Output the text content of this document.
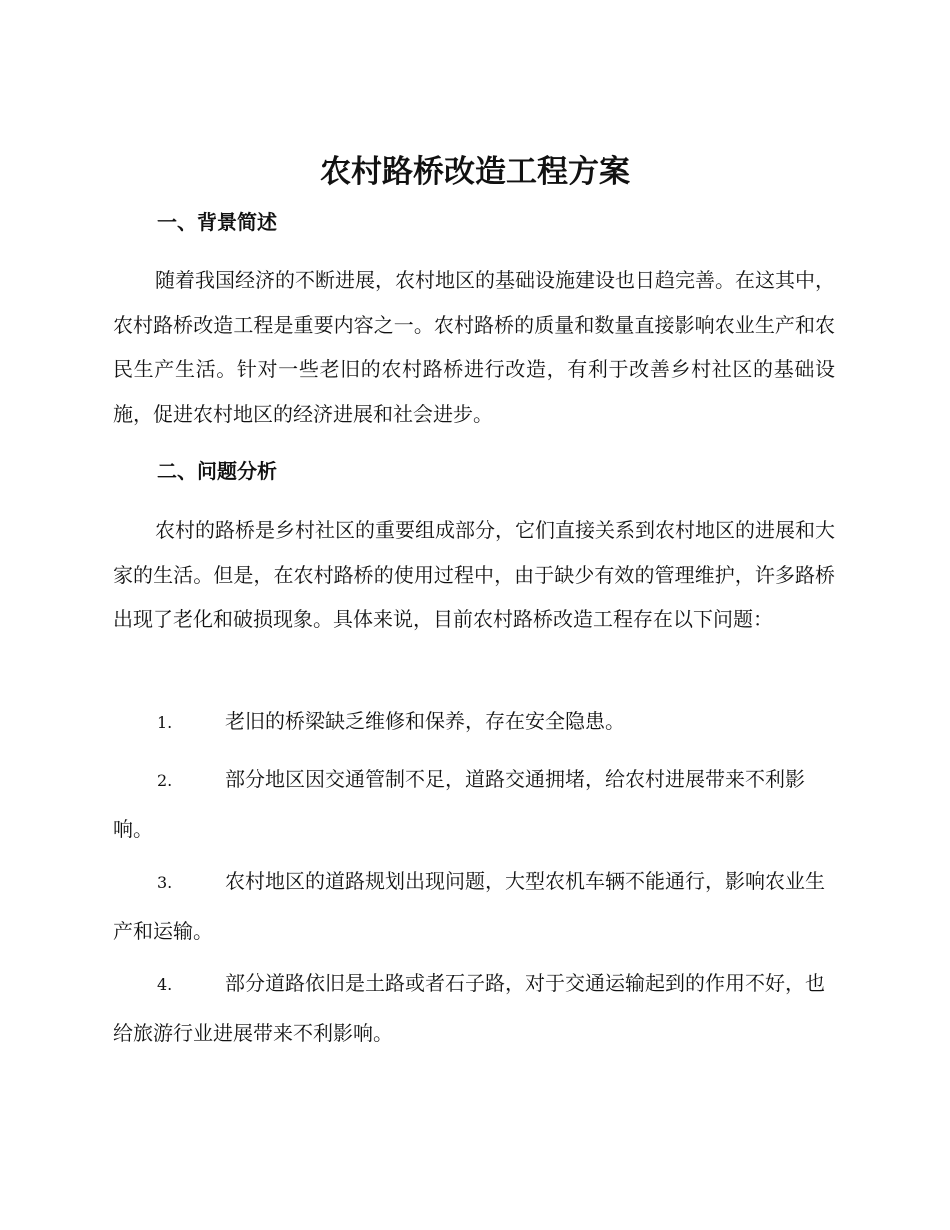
农村路桥改造工程方案
一、背景简述

随着我国经济的不断进展，农村地区的基础设施建设也日趋完善。在这其中，农村路桥改造工程是重要内容之一。农村路桥的质量和数量直接影响农业生产和农民生产生活。针对一些老旧的农村路桥进行改造，有利于改善乡村社区的基础设施，促进农村地区的经济进展和社会进步。

二、问题分析

农村的路桥是乡村社区的重要组成部分，它们直接关系到农村地区的进展和大家的生活。但是，在农村路桥的使用过程中，由于缺少有效的管理维护，许多路桥出现了老化和破损现象。具体来说，目前农村路桥改造工程存在以下问题：

1.	老旧的桥梁缺乏维修和保养，存在安全隐患。
2.	部分地区因交通管制不足，道路交通拥堵，给农村进展带来不利影响。
3.	农村地区的道路规划出现问题，大型农机车辆不能通行，影响农业生产和运输。
4.	部分道路依旧是土路或者石子路，对于交通运输起到的作用不好，也给旅游行业进展带来不利影响。
